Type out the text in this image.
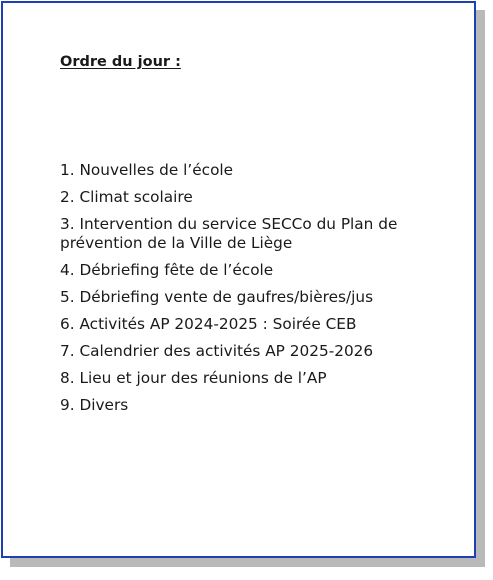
Ordre du jour :
1. Nouvelles de l’école
2. Climat scolaire
3. Intervention du service SECCo du Plan de prévention de la Ville de Liège
4. Débriefing fête de l’école
5. Débriefing vente de gaufres/bières/jus
6. Activités AP 2024-2025 : Soirée CEB
7. Calendrier des activités AP 2025-2026
8. Lieu et jour des réunions de l’AP
9. Divers
